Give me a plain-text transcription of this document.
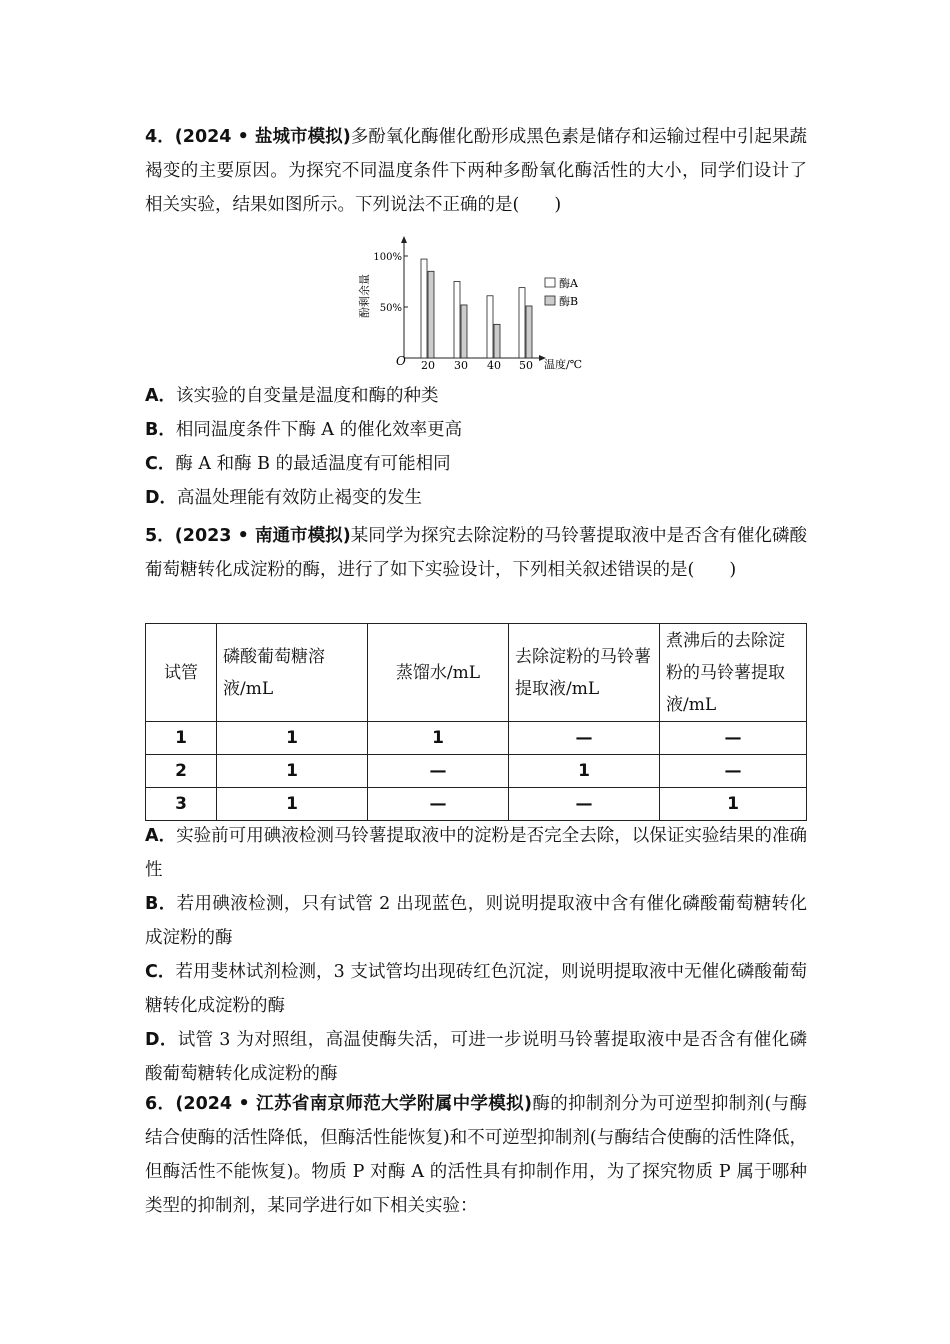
4．(2024 • 盐城市模拟)多酚氧化酶催化酚形成黑色素是储存和运输过程中引起果蔬褐变的主要原因。为探究不同温度条件下两种多酚氧化酶活性的大小，同学们设计了相关实验，结果如图所示。下列说法不正确的是(　　)

A．该实验的自变量是温度和酶的种类

B．相同温度条件下酶 A 的催化效率更高

C．酶 A 和酶 B 的最适温度有可能相同

D．高温处理能有效防止褐变的发生

5．(2023 • 南通市模拟)某同学为探究去除淀粉的马铃薯提取液中是否含有催化磷酸葡萄糖转化成淀粉的酶，进行了如下实验设计，下列相关叙述错误的是(　　)

试管	磷酸葡萄糖溶液/mL	蒸馏水/mL	去除淀粉的马铃薯提取液/mL	煮沸后的去除淀粉的马铃薯提取液/mL
1	1	1	—	—
2	1	—	1	—
3	1	—	—	1

A．实验前可用碘液检测马铃薯提取液中的淀粉是否完全去除，以保证实验结果的准确性

B．若用碘液检测，只有试管 2 出现蓝色，则说明提取液中含有催化磷酸葡萄糖转化成淀粉的酶

C．若用斐林试剂检测，3 支试管均出现砖红色沉淀，则说明提取液中无催化磷酸葡萄糖转化成淀粉的酶

D．试管 3 为对照组，高温使酶失活，可进一步说明马铃薯提取液中是否含有催化磷酸葡萄糖转化成淀粉的酶

6．(2024 • 江苏省南京师范大学附属中学模拟)酶的抑制剂分为可逆型抑制剂(与酶结合使酶的活性降低，但酶活性能恢复)和不可逆型抑制剂(与酶结合使酶的活性降低，但酶活性不能恢复)。物质 P 对酶 A 的活性具有抑制作用，为了探究物质 P 属于哪种类型的抑制剂，某同学进行如下相关实验：

酚剩余量
O	温度/℃
100%
50%
20 30 40 50
酶A
酶B
